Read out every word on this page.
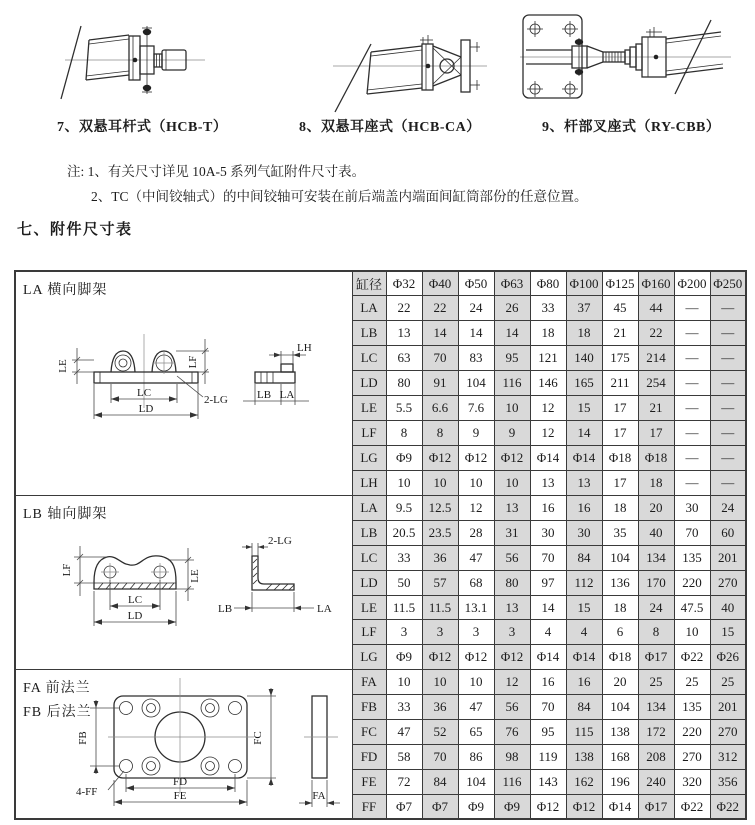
7、双悬耳杆式（HCB-T）	8、双悬耳座式（HCB-CA）	9、杆部叉座式（RY-CBB）
注: 1、有关尺寸详见 10A-5 系列气缸附件尺寸表。
2、TC（中间铰轴式）的中间铰轴可安装在前后端盖内端面间缸筒部份的任意位置。
七、附件尺寸表
LA 横向脚架
LE	LF
LC
LD
2-LG
LH
LB LA
	缸径	Φ32	Φ40	Φ50	Φ63	Φ80	Φ100	Φ125	Φ160	Φ200	Φ250
	LA	22	22	24	26	33	37	45	44	—	—
	LB	13	14	14	14	18	18	21	22	—	—
	LC	63	70	83	95	121	140	175	214	—	—
	LD	80	91	104	116	146	165	211	254	—	—
	LE	5.5	6.6	7.6	10	12	15	17	21	—	—
	LF	8	8	9	9	12	14	17	17	—	—
	LG	Φ9	Φ12	Φ12	Φ12	Φ14	Φ14	Φ18	Φ18	—	—
	LH	10	10	10	10	13	13	17	18	—	—

LB 轴向脚架
LF	LE
LC
LD
2-LG
LB	LA
	LA	9.5	12.5	12	13	16	16	18	20	30	24
	LB	20.5	23.5	28	31	30	30	35	40	70	60
	LC	33	36	47	56	70	84	104	134	135	201
	LD	50	57	68	80	97	112	136	170	220	270
	LE	11.5	11.5	13.1	13	14	15	18	24	47.5	40
	LF	3	3	3	3	4	4	6	8	10	15
	LG	Φ9	Φ12	Φ12	Φ12	Φ14	Φ14	Φ18	Φ17	Φ22	Φ26

FA 前法兰
FB 后法兰
FB	FC
FD
FE
4-FF	FA
	FA	10	10	10	12	16	16	20	25	25	25
	FB	33	36	47	56	70	84	104	134	135	201
	FC	47	52	65	76	95	115	138	172	220	270
	FD	58	70	86	98	119	138	168	208	270	312
	FE	72	84	104	116	143	162	196	240	320	356
	FF	Φ7	Φ7	Φ9	Φ9	Φ12	Φ12	Φ14	Φ17	Φ22	Φ22
